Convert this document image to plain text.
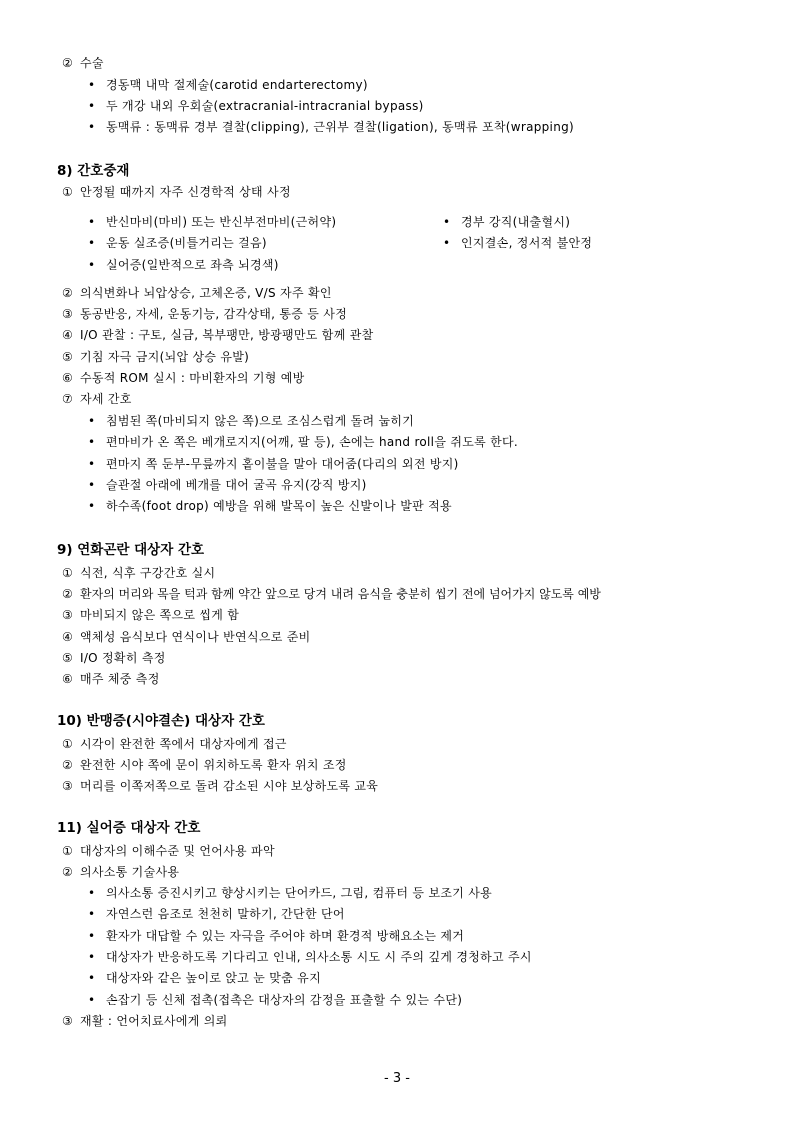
② 수술
• 경동맥 내막 절제술(carotid endarterectomy)
• 두 개강 내외 우회술(extracranial-intracranial bypass)
• 동맥류 : 동맥류 경부 결찰(clipping), 근위부 결찰(ligation), 동맥류 포착(wrapping)
8) 간호중재
① 안정될 때까지 자주 신경학적 상태 사정
• 반신마비(마비) 또는 반신부전마비(근허약)
• 운동 실조증(비틀거리는 걸음)
• 실어증(일반적으로 좌측 뇌경색)
• 경부 강직(내출혈시)
• 인지결손, 정서적 불안정
② 의식변화나 뇌압상승, 고체온증, V/S 자주 확인
③ 동공반응, 자세, 운동기능, 감각상태, 통증 등 사정
④ I/O 관찰 : 구토, 실금, 복부팽만, 방광팽만도 함께 관찰
⑤ 기침 자극 금지(뇌압 상승 유발)
⑥ 수동적 ROM 실시 : 마비환자의 기형 예방
⑦ 자세 간호
• 침범된 쪽(마비되지 않은 쪽)으로 조심스럽게 돌려 눕히기
• 편마비가 온 쪽은 베개로지지(어깨, 팔 등), 손에는 hand roll을 쥐도록 한다.
• 편마지 쪽 둔부-무릎까지 홑이불을 말아 대어줌(다리의 외전 방지)
• 슬관절 아래에 베개를 대어 굴곡 유지(강직 방지)
• 하수족(foot drop) 예방을 위해 발목이 높은 신발이나 발판 적용
9) 연화곤란 대상자 간호
① 식전, 식후 구강간호 실시
② 환자의 머리와 목을 턱과 함께 약간 앞으로 당겨 내려 음식을 충분히 씹기 전에 넘어가지 않도록 예방
③ 마비되지 않은 쪽으로 씹게 함
④ 액체성 음식보다 연식이나 반연식으로 준비
⑤ I/O 정확히 측정
⑥ 매주 체중 측정
10) 반맹증(시야결손) 대상자 간호
① 시각이 완전한 쪽에서 대상자에게 접근
② 완전한 시야 쪽에 문이 위치하도록 환자 위치 조정
③ 머리를 이쪽저쪽으로 돌려 감소된 시야 보상하도록 교육
11) 실어증 대상자 간호
① 대상자의 이해수준 및 언어사용 파악
② 의사소통 기술사용
• 의사소통 증진시키고 향상시키는 단어카드, 그림, 컴퓨터 등 보조기 사용
• 자연스런 음조로 천천히 말하기, 간단한 단어
• 환자가 대답할 수 있는 자극을 주어야 하며 환경적 방해요소는 제거
• 대상자가 반응하도록 기다리고 인내, 의사소통 시도 시 주의 깊게 경청하고 주시
• 대상자와 같은 높이로 앉고 눈 맞춤 유지
• 손잡기 등 신체 접촉(접촉은 대상자의 감정을 표출할 수 있는 수단)
③ 재활 : 언어치료사에게 의뢰
- 3 -
